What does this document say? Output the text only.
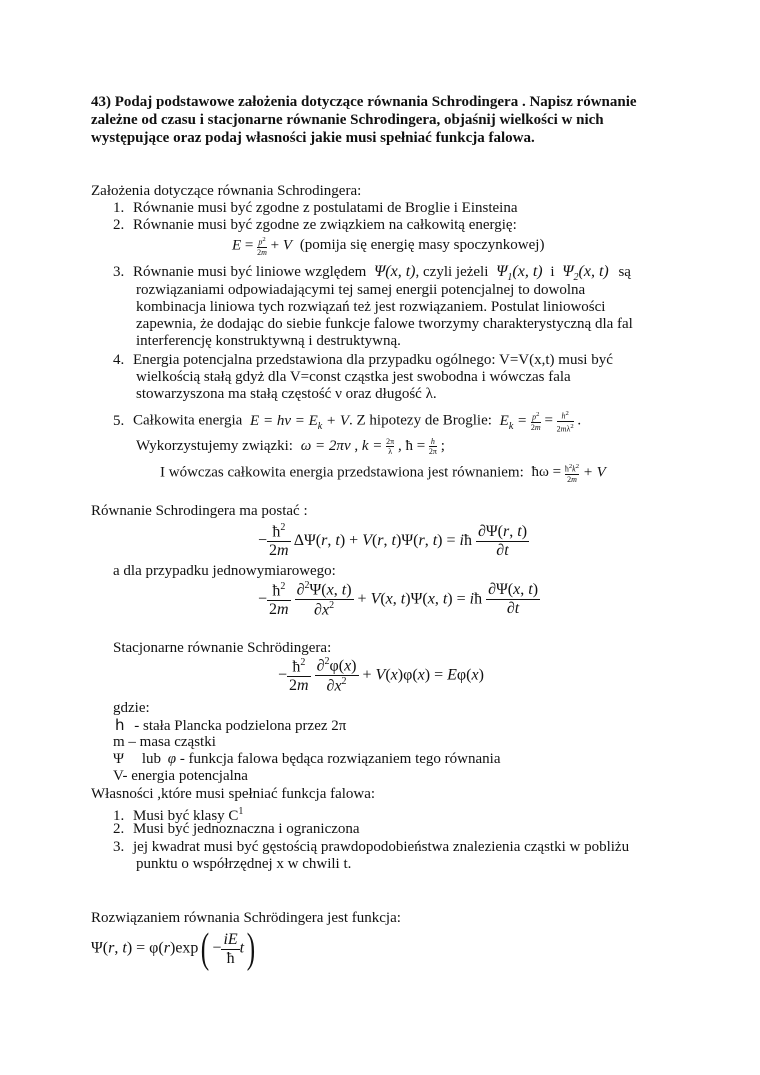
43) Podaj podstawowe założenia dotyczące równania Schrodingera . Napisz równanie zależne od czasu i stacjonarne równanie Schrodingera, objaśnij wielkości w nich występujące oraz podaj własności jakie musi spełniać funkcja falowa.
Założenia dotyczące równania Schrodingera:
1. Równanie musi być zgodne z postulatami de Broglie i Einsteina
2. Równanie musi być zgodne ze związkiem na całkowitą energię:
$E = \frac{p^2}{2m} + V$ (pomija się energię masy spoczynkowej)
3. Równanie musi być liniowe względem Ψ(x, t), czyli jeżeli $\Psi_1(x$, t) i $\Psi_2(x$, t) są
rozwiązaniami odpowiadającymi tej samej energii potencjalnej to dowolna
kombinacja liniowa tych rozwiązań też jest rozwiązaniem. Postulat liniowości
zapewnia, że dodając do siebie funkcje falowe tworzymy charakterystyczną dla fal
interferencję konstruktywną i destruktywną.
4. Energia potencjalna przedstawiona dla przypadku ogólnego: V=V(x,t) musi być
wielkością stałą gdyż dla V=const cząstka jest swobodna i wówczas fala
stowarzyszona ma stałą częstość ν oraz długość λ.
5. Całkowita energia $E = h\nu = E_k + V$. Z hipotezy de Broglie: $E_k = \frac{p^2}{2m} = \frac{h^2}{2m\lambda^2}$ .
Wykorzystujemy związki: ω = 2πν , $k = \frac{2\pi}{\lambda}$ , ħ = $\frac{h}{2\pi}$ ;
I wówczas całkowita energia przedstawiona jest równaniem: ħω = $\frac{ħ^2k^2}{2m} + V$
Równanie Schrodingera ma postać :
− $\frac{ħ^2}{2m} \Delta\Psi(r$, t) + V(r, t)Ψ(r, t) = iħ $\frac{\partial\Psi(r, t)}{\partial t}$
a dla przypadku jednowymiarowego:
− $\frac{ħ^2}{2m}$
$\frac{\partial^2\Psi(x, t)}{\partial x^2} + V(x$, t)Ψ(x, t) = iħ $\frac{\partial\Psi(x, t)}{\partial t}$
Stacjonarne równanie Schrödingera:
− $\frac{ħ^2}{2m}$
$\frac{\partial^2\varphi(x)}{\partial x^2} + V(x)\varphi(x) = E\varphi(x)$
gdzie:
h - stała Plancka podzielona przez 2π
m – masa cząstki
Ψ lub φ - funkcja falowa będąca rozwiązaniem tego równania
V- energia potencjalna
Własności ,które musi spełniać funkcja falowa:
1. Musi być klasy $C^1$
2. Musi być jednoznaczna i ograniczona
3. jej kwadrat musi być gęstością prawdopodobieństwa znalezienia cząstki w pobliżu
punktu o współrzędnej x w chwili t.
Rozwiązaniem równania Schrödingera jest funkcja:
Ψ(r, $t) = \varphi(r)\exp( - \frac{iE}{ħ} t)$
